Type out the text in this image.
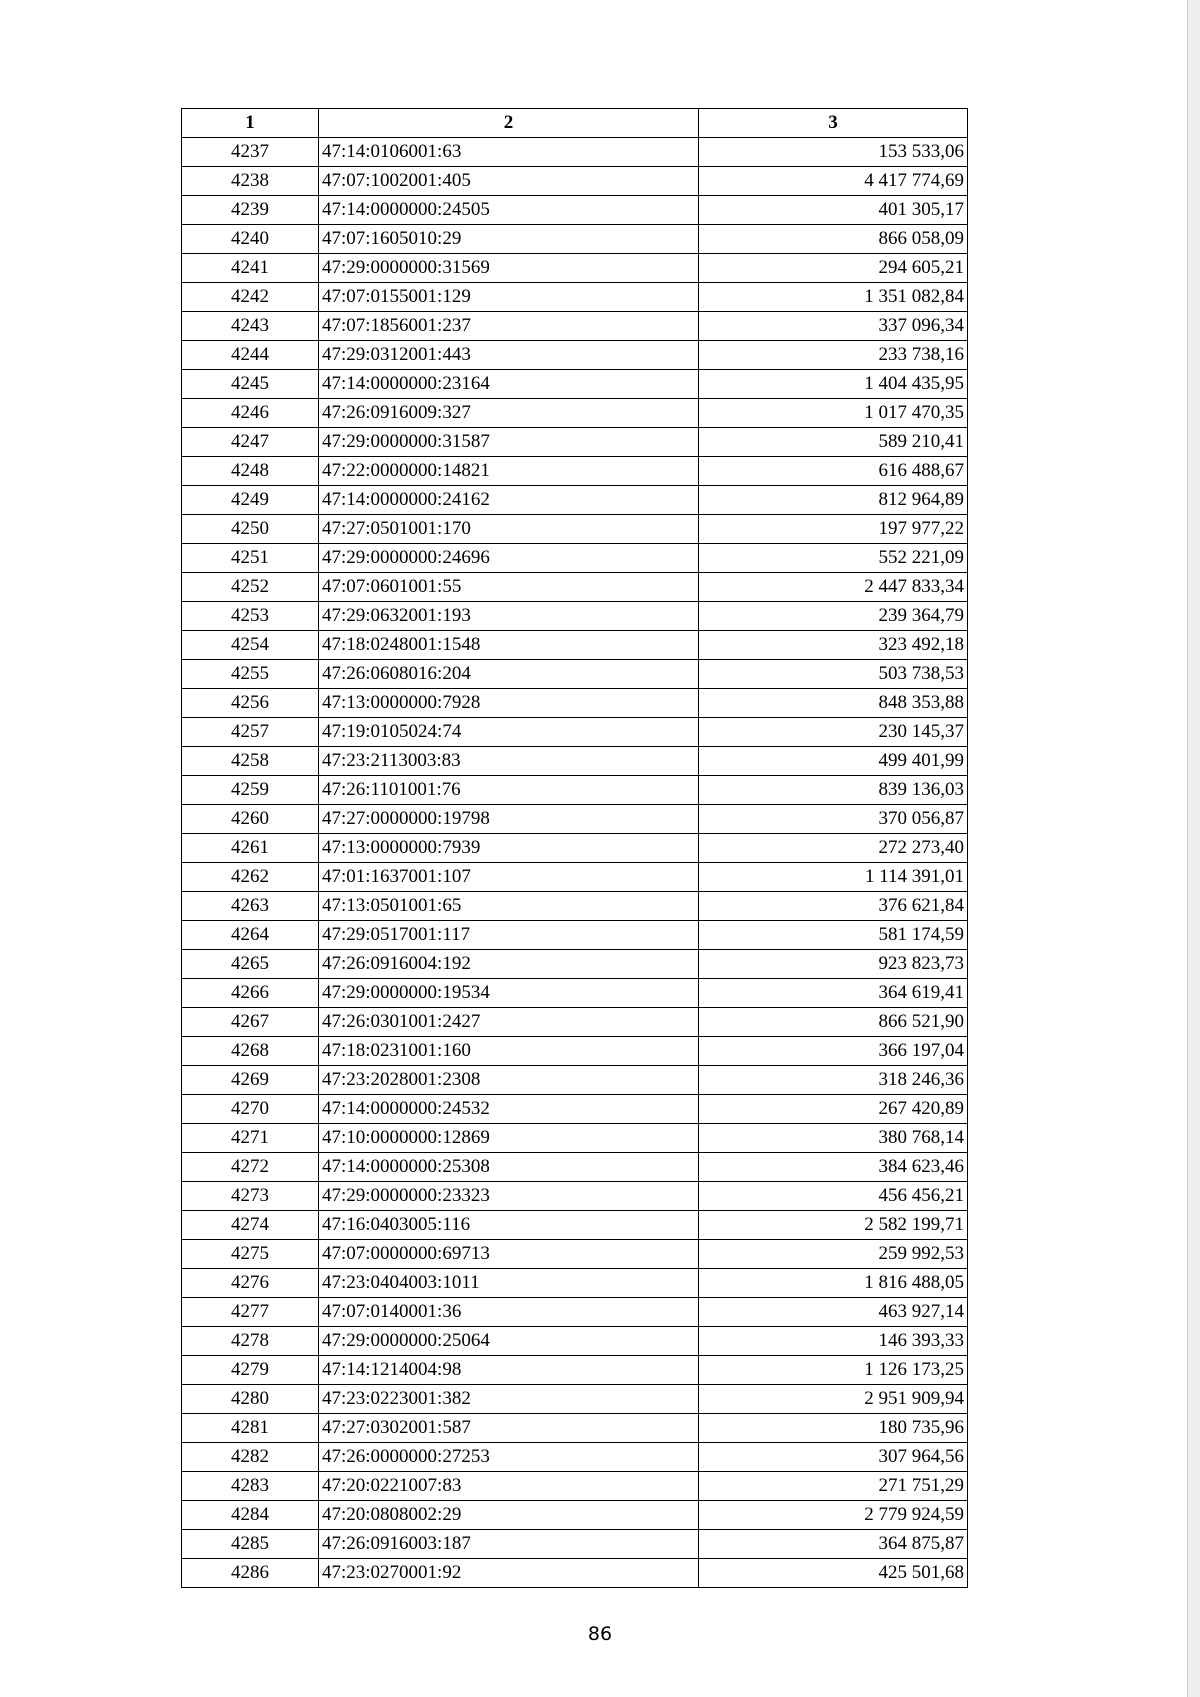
1	2	3
4237	47:14:0106001:63	153 533,06
4238	47:07:1002001:405	4 417 774,69
4239	47:14:0000000:24505	401 305,17
4240	47:07:1605010:29	866 058,09
4241	47:29:0000000:31569	294 605,21
4242	47:07:0155001:129	1 351 082,84
4243	47:07:1856001:237	337 096,34
4244	47:29:0312001:443	233 738,16
4245	47:14:0000000:23164	1 404 435,95
4246	47:26:0916009:327	1 017 470,35
4247	47:29:0000000:31587	589 210,41
4248	47:22:0000000:14821	616 488,67
4249	47:14:0000000:24162	812 964,89
4250	47:27:0501001:170	197 977,22
4251	47:29:0000000:24696	552 221,09
4252	47:07:0601001:55	2 447 833,34
4253	47:29:0632001:193	239 364,79
4254	47:18:0248001:1548	323 492,18
4255	47:26:0608016:204	503 738,53
4256	47:13:0000000:7928	848 353,88
4257	47:19:0105024:74	230 145,37
4258	47:23:2113003:83	499 401,99
4259	47:26:1101001:76	839 136,03
4260	47:27:0000000:19798	370 056,87
4261	47:13:0000000:7939	272 273,40
4262	47:01:1637001:107	1 114 391,01
4263	47:13:0501001:65	376 621,84
4264	47:29:0517001:117	581 174,59
4265	47:26:0916004:192	923 823,73
4266	47:29:0000000:19534	364 619,41
4267	47:26:0301001:2427	866 521,90
4268	47:18:0231001:160	366 197,04
4269	47:23:2028001:2308	318 246,36
4270	47:14:0000000:24532	267 420,89
4271	47:10:0000000:12869	380 768,14
4272	47:14:0000000:25308	384 623,46
4273	47:29:0000000:23323	456 456,21
4274	47:16:0403005:116	2 582 199,71
4275	47:07:0000000:69713	259 992,53
4276	47:23:0404003:1011	1 816 488,05
4277	47:07:0140001:36	463 927,14
4278	47:29:0000000:25064	146 393,33
4279	47:14:1214004:98	1 126 173,25
4280	47:23:0223001:382	2 951 909,94
4281	47:27:0302001:587	180 735,96
4282	47:26:0000000:27253	307 964,56
4283	47:20:0221007:83	271 751,29
4284	47:20:0808002:29	2 779 924,59
4285	47:26:0916003:187	364 875,87
4286	47:23:0270001:92	425 501,68
86
